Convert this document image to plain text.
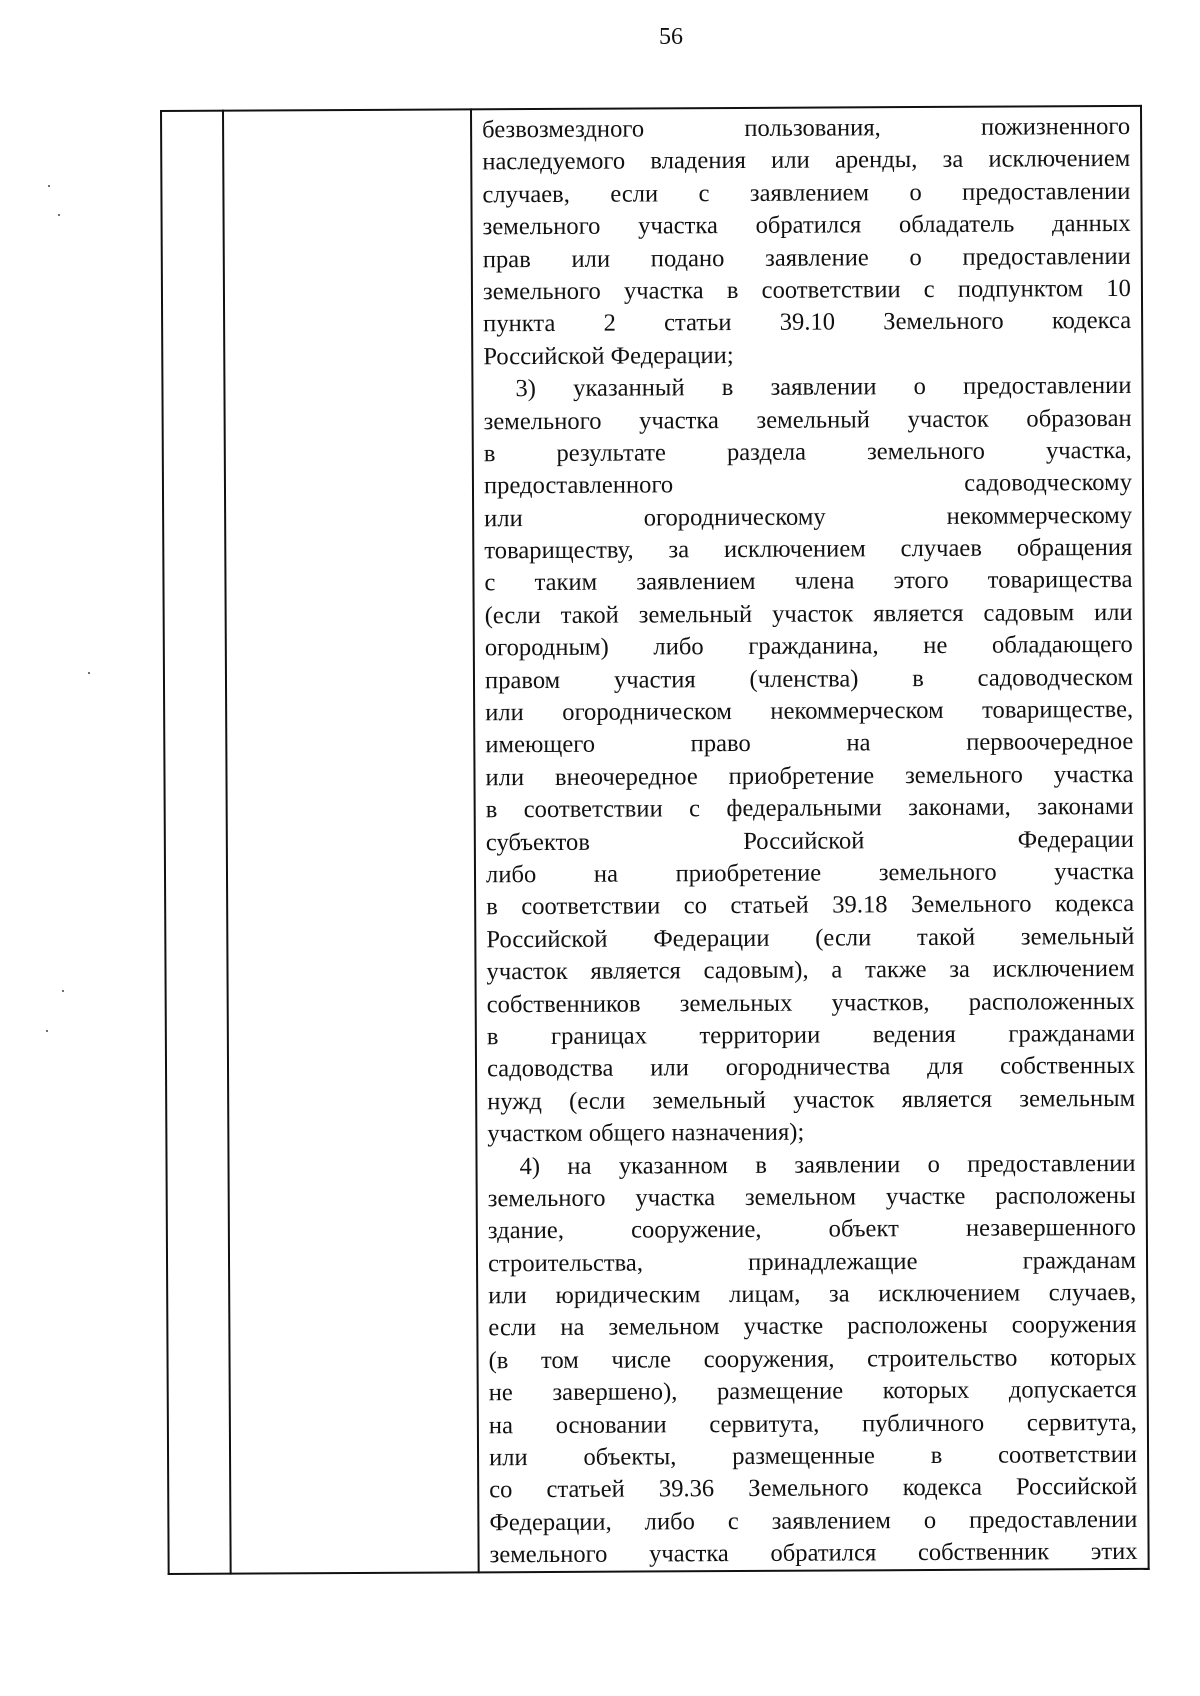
56
безвозмездного пользования, пожизненного
наследуемого владения или аренды, за исключением
случаев, если с заявлением о предоставлении
земельного участка обратился обладатель данных
прав или подано заявление о предоставлении
земельного участка в соответствии с подпунктом 10
пункта 2 статьи 39.10 Земельного кодекса
Российской Федерации;
3) указанный в заявлении о предоставлении
земельного участка земельный участок образован
в результате раздела земельного участка,
предоставленного садоводческому
или огородническому некоммерческому
товариществу, за исключением случаев обращения
с таким заявлением члена этого товарищества
(если такой земельный участок является садовым или
огородным) либо гражданина, не обладающего
правом участия (членства) в садоводческом
или огородническом некоммерческом товариществе,
имеющего право на первоочередное
или внеочередное приобретение земельного участка
в соответствии с федеральными законами, законами
субъектов Российской Федерации
либо на приобретение земельного участка
в соответствии со статьей 39.18 Земельного кодекса
Российской Федерации (если такой земельный
участок является садовым), а также за исключением
собственников земельных участков, расположенных
в границах территории ведения гражданами
садоводства или огородничества для собственных
нужд (если земельный участок является земельным
участком общего назначения);
4) на указанном в заявлении о предоставлении
земельного участка земельном участке расположены
здание, сооружение, объект незавершенного
строительства, принадлежащие гражданам
или юридическим лицам, за исключением случаев,
если на земельном участке расположены сооружения
(в том числе сооружения, строительство которых
не завершено), размещение которых допускается
на основании сервитута, публичного сервитута,
или объекты, размещенные в соответствии
со статьей 39.36 Земельного кодекса Российской
Федерации, либо с заявлением о предоставлении
земельного участка обратился собственник этих
